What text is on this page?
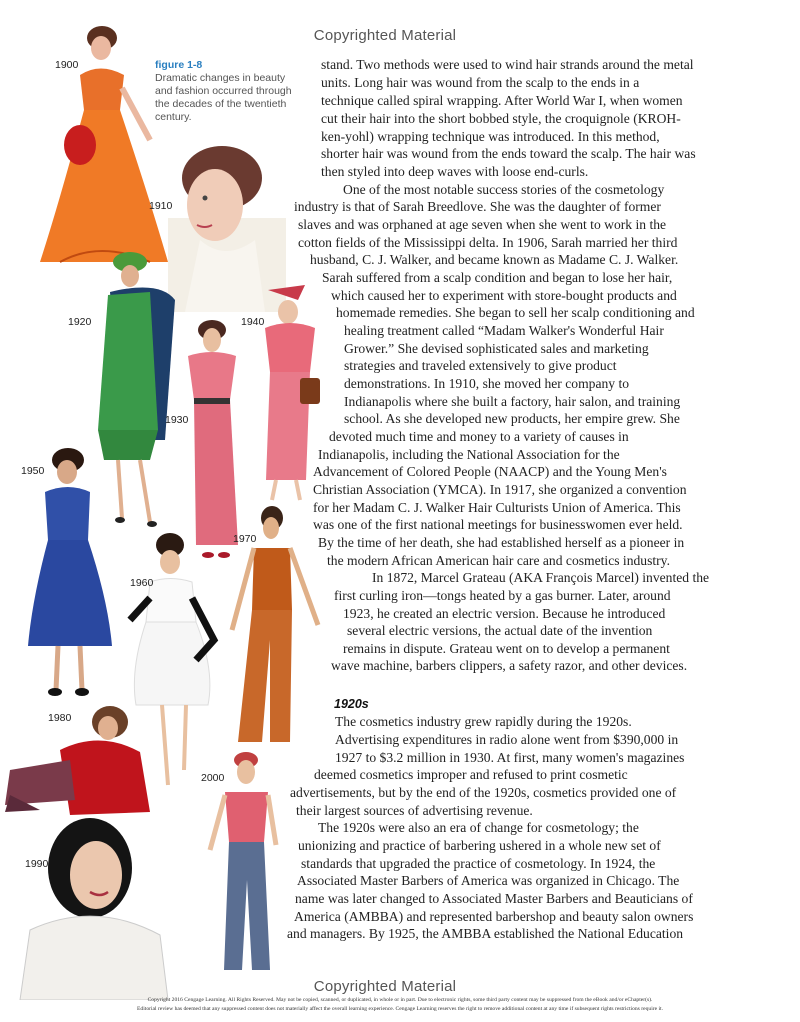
Copyrighted Material
figure 1-8
Dramatic changes in beauty and fashion occurred through the decades of the twentieth century.
1900
1910
1920
1930
1940
1950
1960
1970
1980
1990
2000
stand. Two methods were used to wind hair strands around the metal
units. Long hair was wound from the scalp to the ends in a
technique called spiral wrapping. After World War I, when women
cut their hair into the short bobbed style, the croquignole (KROH-
ken-yohl) wrapping technique was introduced. In this method,
shorter hair was wound from the ends toward the scalp. The hair was
then styled into deep waves with loose end-curls.
One of the most notable success stories of the cosmetology
industry is that of Sarah Breedlove. She was the daughter of former
slaves and was orphaned at age seven when she went to work in the
cotton fields of the Mississippi delta. In 1906, Sarah married her third
husband, C. J. Walker, and became known as Madame C. J. Walker.
Sarah suffered from a scalp condition and began to lose her hair,
which caused her to experiment with store-bought products and
homemade remedies. She began to sell her scalp conditioning and
healing treatment called “Madam Walker's Wonderful Hair
Grower.” She devised sophisticated sales and marketing
strategies and traveled extensively to give product
demonstrations. In 1910, she moved her company to
Indianapolis where she built a factory, hair salon, and training
school. As she developed new products, her empire grew. She
devoted much time and money to a variety of causes in
Indianapolis, including the National Association for the
Advancement of Colored People (NAACP) and the Young Men's
Christian Association (YMCA). In 1917, she organized a convention
for her Madam C. J. Walker Hair Culturists Union of America. This
was one of the first national meetings for businesswomen ever held.
By the time of her death, she had established herself as a pioneer in
the modern African American hair care and cosmetics industry.
In 1872, Marcel Grateau (AKA François Marcel) invented the
first curling iron—tongs heated by a gas burner. Later, around
1923, he created an electric version. Because he introduced
several electric versions, the actual date of the invention
remains in dispute. Grateau went on to develop a permanent
wave machine, barbers clippers, a safety razor, and other devices.
1920s
The cosmetics industry grew rapidly during the 1920s.
Advertising expenditures in radio alone went from $390,000 in
1927 to $3.2 million in 1930. At first, many women's magazines
deemed cosmetics improper and refused to print cosmetic
advertisements, but by the end of the 1920s, cosmetics provided one of
their largest sources of advertising revenue.
The 1920s were also an era of change for cosmetology; the
unionizing and practice of barbering ushered in a whole new set of
standards that upgraded the practice of cosmetology. In 1924, the
Associated Master Barbers of America was organized in Chicago. The
name was later changed to Associated Master Barbers and Beauticians of
America (AMBBA) and represented barbershop and beauty salon owners
and managers. By 1925, the AMBBA established the National Education
Copyrighted Material
Copyright 2016 Cengage Learning. All Rights Reserved. May not be copied, scanned, or duplicated, in whole or in part. Due to electronic rights, some third party content may be suppressed from the eBook and/or eChapter(s).
Editorial review has deemed that any suppressed content does not materially affect the overall learning experience. Cengage Learning reserves the right to remove additional content at any time if subsequent rights restrictions require it.
